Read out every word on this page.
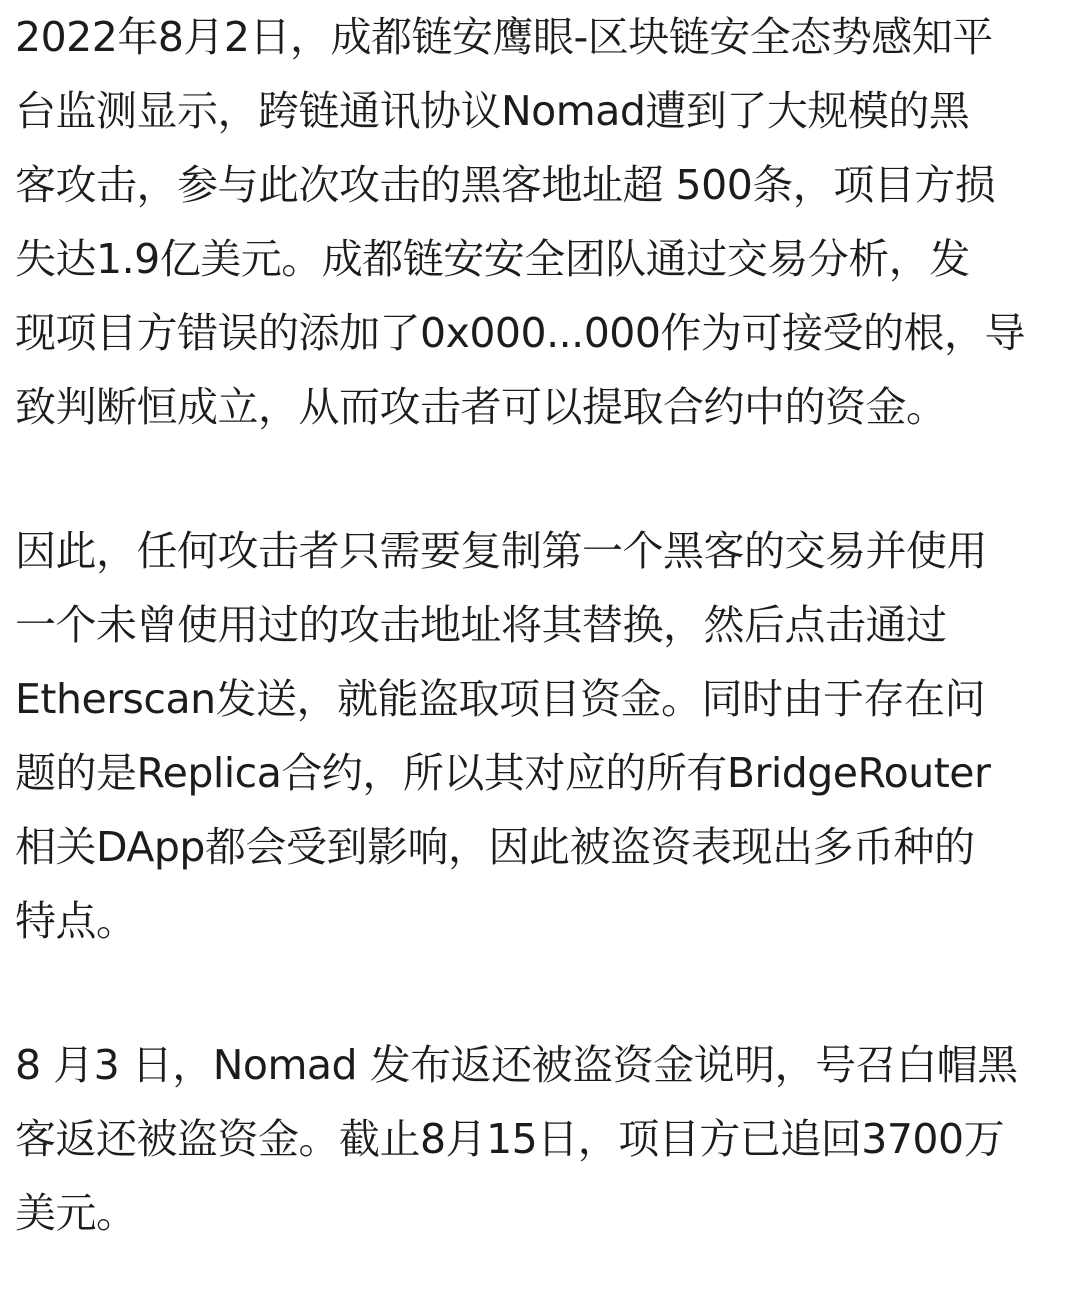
2022年8月2日，成都链安鹰眼-区块链安全态势感知平
台监测显示，跨链通讯协议Nomad遭到了大规模的黑
客攻击，参与此次攻击的黑客地址超 500条，项目方损
失达1.9亿美元。成都链安安全团队通过交易分析，发
现项目方错误的添加了0x000...000作为可接受的根，导
致判断恒成立，从而攻击者可以提取合约中的资金。

因此，任何攻击者只需要复制第一个黑客的交易并使用
一个未曾使用过的攻击地址将其替换，然后点击通过
Etherscan发送，就能盗取项目资金。同时由于存在问
题的是Replica合约，所以其对应的所有BridgeRouter
相关DApp都会受到影响，因此被盗资表现出多币种的
特点。

8 月3 日，Nomad 发布返还被盗资金说明，号召白帽黑
客返还被盗资金。截止8月15日，项目方已追回3700万
美元。
